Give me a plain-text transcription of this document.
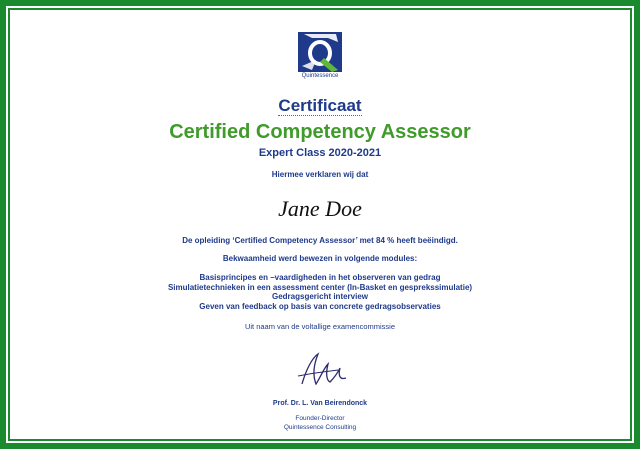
Quintessence
Certificaat
Certified Competency Assessor
Expert Class 2020-2021
Hiermee verklaren wij dat
Jane Doe
De opleiding ‘Certified Competency Assessor’ met 84 % heeft beëindigd.
Bekwaamheid werd bewezen in volgende modules:
Basisprincipes en –vaardigheden in het observeren van gedrag
Simulatietechnieken in een assessment center (In-Basket en gesprekssimulatie)
Gedragsgericht interview
Geven van feedback op basis van concrete gedragsobservaties
Uit naam van de voltallige examencommissie
Prof. Dr. L. Van Beirendonck
Founder-Director
Quintessence Consulting
